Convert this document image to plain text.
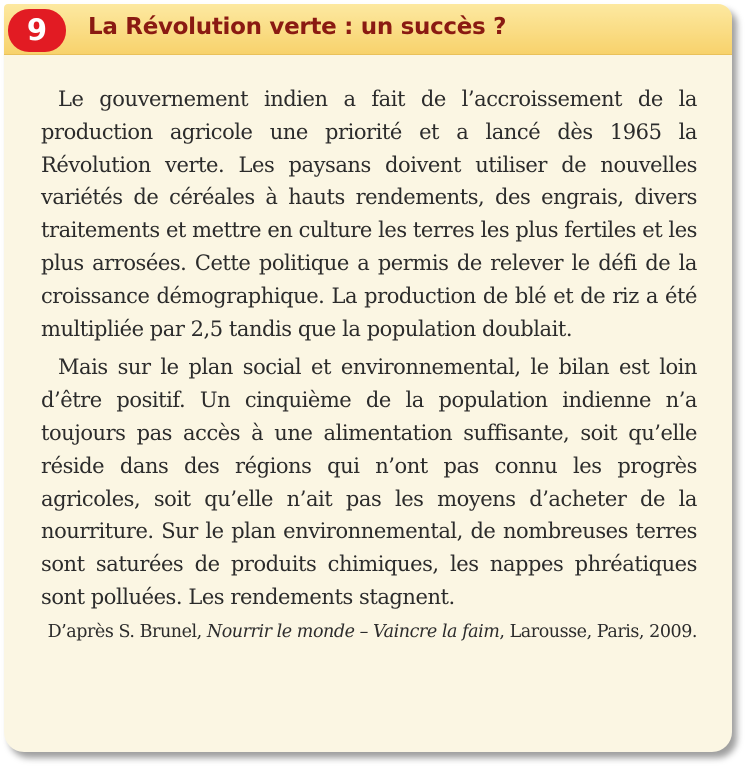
9 La Révolution verte : un succès ?

Le gouvernement indien a fait de l’accroissement de la production agricole une priorité et a lancé dès 1965 la Révolution verte. Les paysans doivent utiliser de nouvelles variétés de céréales à hauts rendements, des engrais, divers traitements et mettre en culture les terres les plus fertiles et les plus arrosées. Cette politique a permis de relever le défi de la croissance démographique. La production de blé et de riz a été multipliée par 2,5 tandis que la population doublait.

Mais sur le plan social et environnemental, le bilan est loin d’être positif. Un cinquième de la population indienne n’a toujours pas accès à une alimentation suffisante, soit qu’elle réside dans des régions qui n’ont pas connu les progrès agricoles, soit qu’elle n’ait pas les moyens d’acheter de la nourriture. Sur le plan environnemental, de nombreuses terres sont saturées de produits chimiques, les nappes phréatiques sont polluées. Les rendements stagnent.

D’après S. Brunel, Nourrir le monde – Vaincre la faim, Larousse, Paris, 2009.
